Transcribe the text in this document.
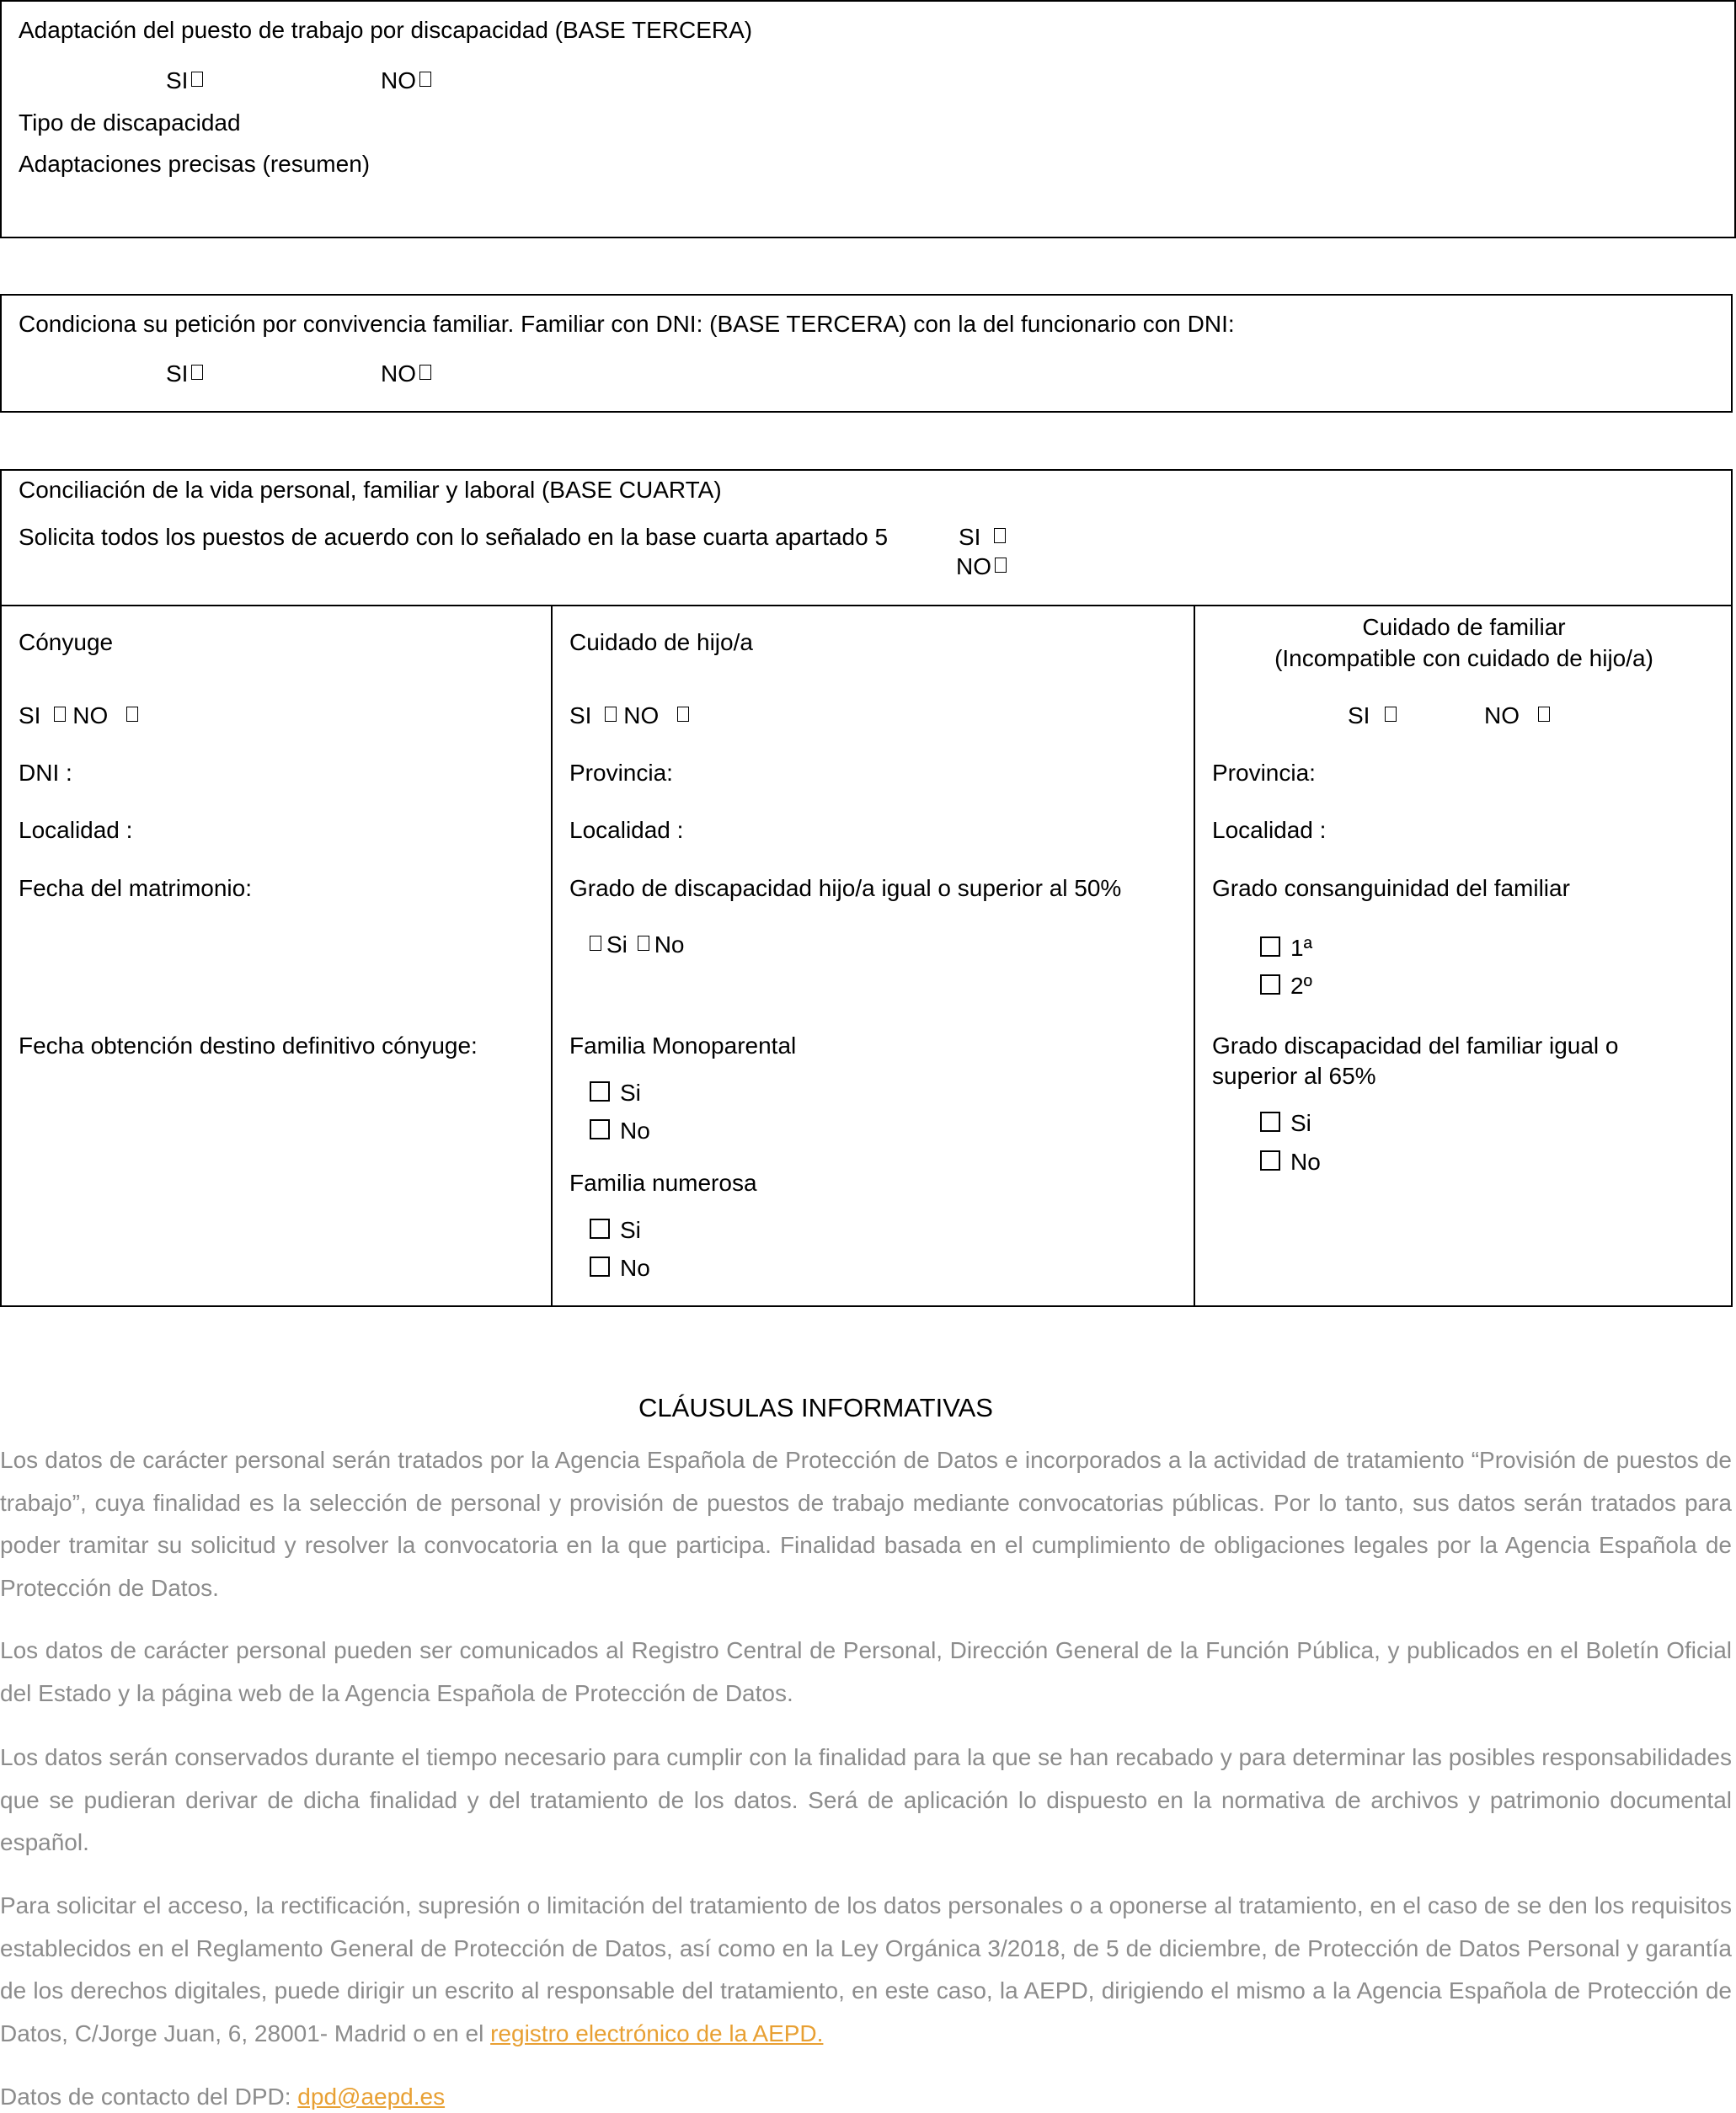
Adaptación del puesto de trabajo por discapacidad (BASE TERCERA)
SI	NO
Tipo de discapacidad
Adaptaciones precisas (resumen)
Condiciona su petición por convivencia familiar. Familiar con DNI: (BASE TERCERA) con la del funcionario con DNI:
SI	NO
Conciliación de la vida personal, familiar y laboral (BASE CUARTA)
Solicita todos los puestos de acuerdo con lo señalado en la base cuarta apartado 5	SI
NO
Cónyuge
SI NO
DNI :
Localidad :
Fecha del matrimonio:
Fecha obtención destino definitivo cónyuge:
Cuidado de hijo/a
SI NO
Provincia:
Localidad :
Grado de discapacidad hijo/a igual o superior al 50%
Si No
Familia Monoparental
Si
No
Familia numerosa
Si
No
Cuidado de familiar
(Incompatible con cuidado de hijo/a)
SI	NO
Provincia:
Localidad :
Grado consanguinidad del familiar
1ª
2º
Grado discapacidad del familiar igual o
superior al 65%
Si
No
CLÁUSULAS INFORMATIVAS
Los datos de carácter personal serán tratados por la Agencia Española de Protección de Datos e incorporados a la actividad de tratamiento “Provisión de puestos de trabajo”, cuya finalidad es la selección de personal y provisión de puestos de trabajo mediante convocatorias públicas. Por lo tanto, sus datos serán tratados para poder tramitar su solicitud y resolver la convocatoria en la que participa. Finalidad basada en el cumplimiento de obligaciones legales por la Agencia Española de Protección de Datos.
Los datos de carácter personal pueden ser comunicados al Registro Central de Personal, Dirección General de la Función Pública, y publicados en el Boletín Oficial del Estado y la página web de la Agencia Española de Protección de Datos.
Los datos serán conservados durante el tiempo necesario para cumplir con la finalidad para la que se han recabado y para determinar las posibles responsabilidades que se pudieran derivar de dicha finalidad y del tratamiento de los datos. Será de aplicación lo dispuesto en la normativa de archivos y patrimonio documental español.
Para solicitar el acceso, la rectificación, supresión o limitación del tratamiento de los datos personales o a oponerse al tratamiento, en el caso de se den los requisitos establecidos en el Reglamento General de Protección de Datos, así como en la Ley Orgánica 3/2018, de 5 de diciembre, de Protección de Datos Personal y garantía de los derechos digitales, puede dirigir un escrito al responsable del tratamiento, en este caso, la AEPD, dirigiendo el mismo a la Agencia Española de Protección de Datos, C/Jorge Juan, 6, 28001- Madrid o en el registro electrónico de la AEPD.
Datos de contacto del DPD: dpd@aepd.es
